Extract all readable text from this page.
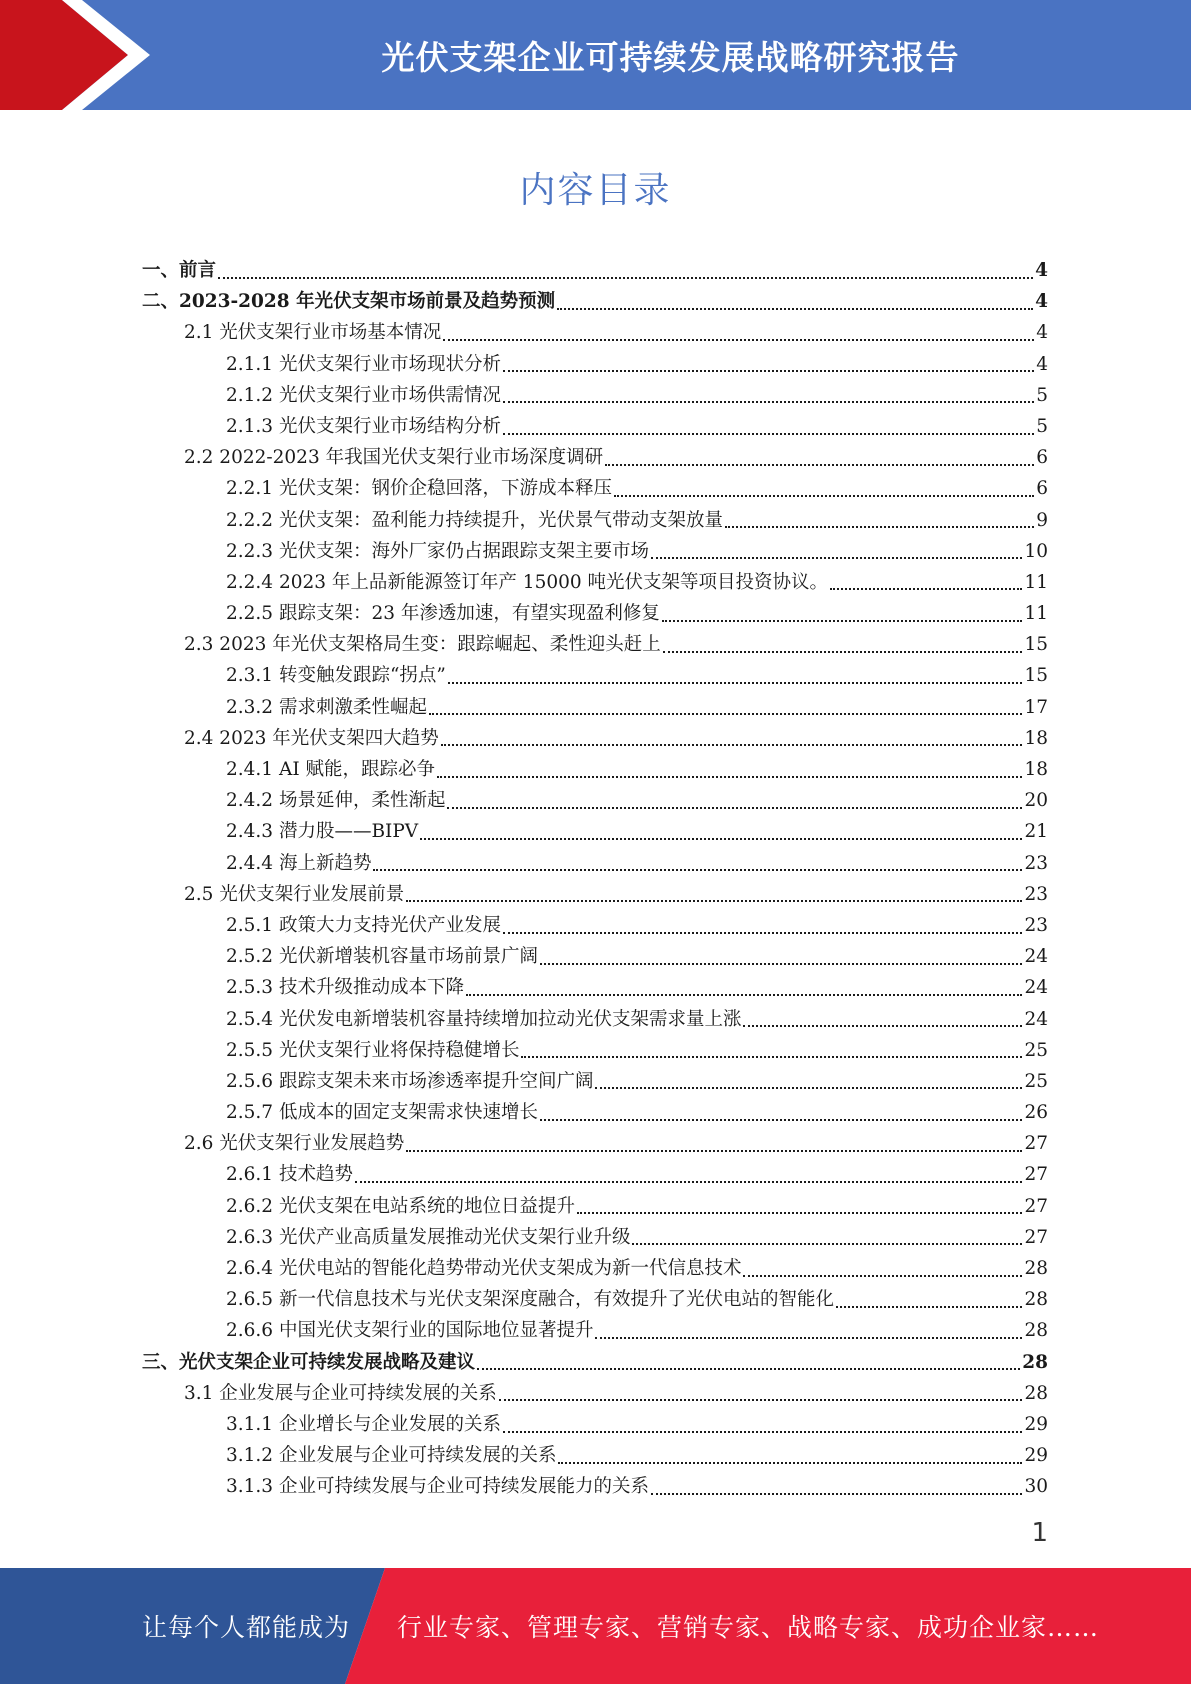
光伏支架企业可持续发展战略研究报告
内容目录
一、前言	4
二、2023-2028 年光伏支架市场前景及趋势预测	4
2.1 光伏支架行业市场基本情况	4
2.1.1 光伏支架行业市场现状分析	4
2.1.2 光伏支架行业市场供需情况	5
2.1.3 光伏支架行业市场结构分析	5
2.2 2022-2023 年我国光伏支架行业市场深度调研	6
2.2.1 光伏支架：钢价企稳回落，下游成本释压	6
2.2.2 光伏支架：盈利能力持续提升，光伏景气带动支架放量	9
2.2.3 光伏支架：海外厂家仍占据跟踪支架主要市场	10
2.2.4 2023 年上品新能源签订年产 15000 吨光伏支架等项目投资协议。	11
2.2.5 跟踪支架：23 年渗透加速，有望实现盈利修复	11
2.3 2023 年光伏支架格局生变：跟踪崛起、柔性迎头赶上	15
2.3.1 转变触发跟踪“拐点”	15
2.3.2 需求刺激柔性崛起	17
2.4 2023 年光伏支架四大趋势	18
2.4.1 AI 赋能，跟踪必争	18
2.4.2 场景延伸，柔性渐起	20
2.4.3 潜力股——BIPV	21
2.4.4 海上新趋势	23
2.5 光伏支架行业发展前景	23
2.5.1 政策大力支持光伏产业发展	23
2.5.2 光伏新增装机容量市场前景广阔	24
2.5.3 技术升级推动成本下降	24
2.5.4 光伏发电新增装机容量持续增加拉动光伏支架需求量上涨	24
2.5.5 光伏支架行业将保持稳健增长	25
2.5.6 跟踪支架未来市场渗透率提升空间广阔	25
2.5.7 低成本的固定支架需求快速增长	26
2.6 光伏支架行业发展趋势	27
2.6.1 技术趋势	27
2.6.2 光伏支架在电站系统的地位日益提升	27
2.6.3 光伏产业高质量发展推动光伏支架行业升级	27
2.6.4 光伏电站的智能化趋势带动光伏支架成为新一代信息技术	28
2.6.5 新一代信息技术与光伏支架深度融合，有效提升了光伏电站的智能化	28
2.6.6 中国光伏支架行业的国际地位显著提升	28
三、光伏支架企业可持续发展战略及建议	28
3.1 企业发展与企业可持续发展的关系	28
3.1.1 企业增长与企业发展的关系	29
3.1.2 企业发展与企业可持续发展的关系	29
3.1.3 企业可持续发展与企业可持续发展能力的关系	30
1
让每个人都能成为 行业专家、管理专家、营销专家、战略专家、成功企业家……
